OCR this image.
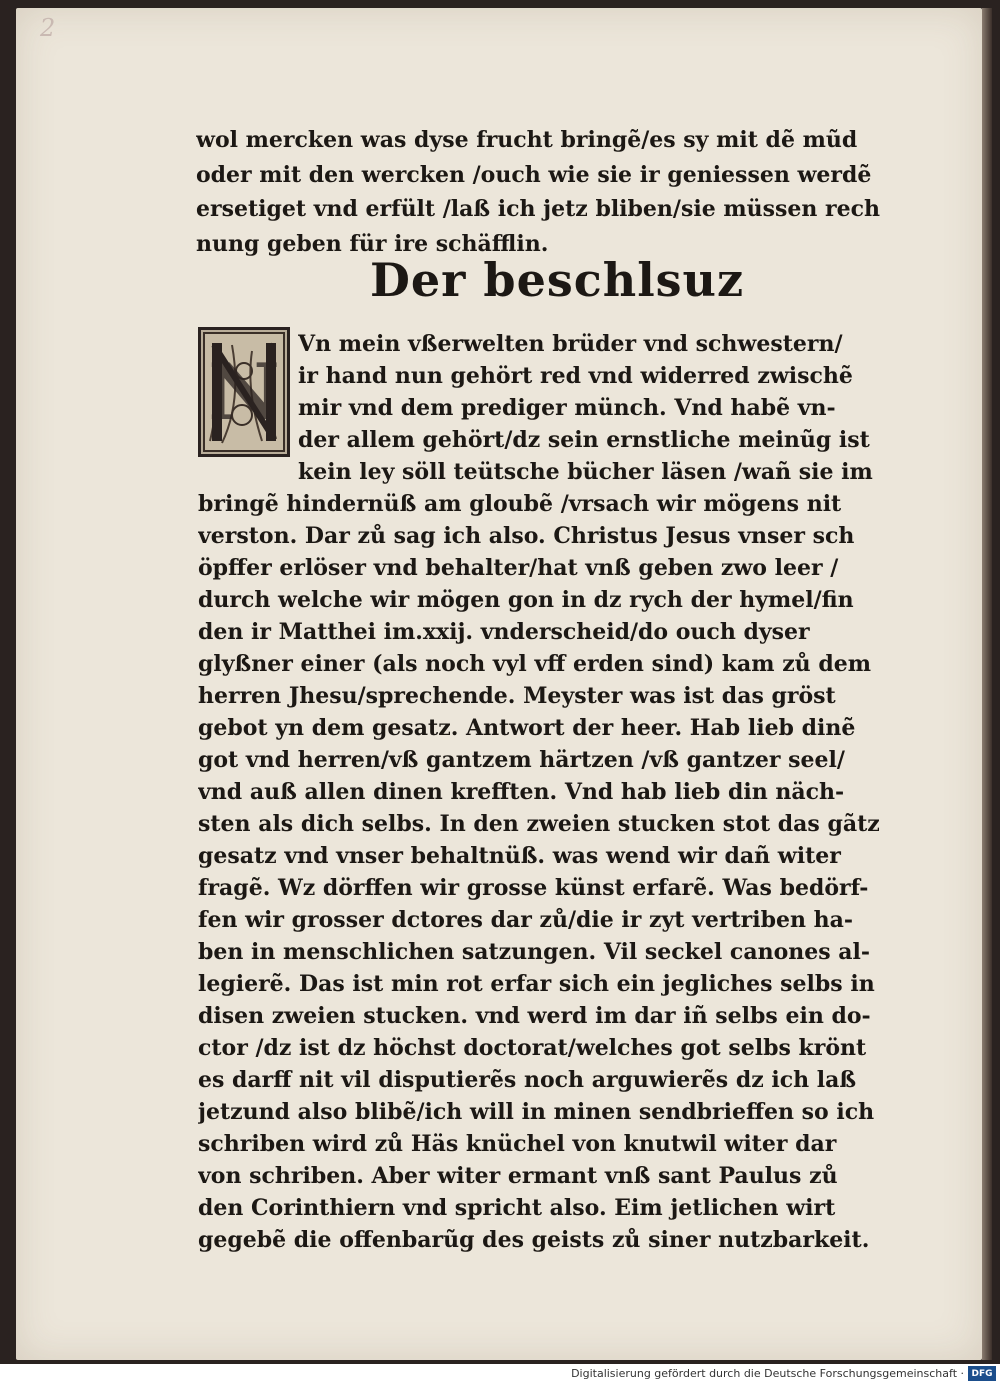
2
wol mercken was dyse frucht bringẽ/es sy mit dẽ mũd
oder mit den wercken /ouch wie sie ir geniessen werdẽ
ersetiget vnd erfült /laß ich jetz bliben/sie müssen rech
nung geben für ire schäfflin.
Der beschlsuz
N
Vn mein vßerwelten brüder vnd schwestern/
ir hand nun gehört red vnd widerred zwischẽ
mir vnd dem prediger münch. Vnd habẽ vn-
der allem gehört/dz sein ernstliche meinũg ist
kein ley söll teütsche bücher läsen /wañ sie im
bringẽ hindernüß am gloubẽ /vrsach wir mögens nit
verston. Dar zů sag ich also. Christus Jesus vnser sch
öpffer erlöser vnd behalter/hat vnß geben zwo leer /
durch welche wir mögen gon in dz rych der hymel/fin
den ir Matthei im.xxij. vnderscheid/do ouch dyser
glyßner einer (als noch vyl vff erden sind) kam zů dem
herren Jhesu/sprechende. Meyster was ist das gröst
gebot yn dem gesatz. Antwort der heer. Hab lieb dinẽ
got vnd herren/vß gantzem härtzen /vß gantzer seel/
vnd auß allen dinen krefften. Vnd hab lieb din näch-
sten als dich selbs. In den zweien stucken stot das gãtz
gesatz vnd vnser behaltnüß. was wend wir dañ witer
fragẽ. Wz dörffen wir grosse künst erfarẽ. Was bedörf-
fen wir grosser dctores dar zů/die ir zyt vertriben ha-
ben in menschlichen satzungen. Vil seckel canones al-
legierẽ. Das ist min rot erfar sich ein jegliches selbs in
disen zweien stucken. vnd werd im dar iñ selbs ein do-
ctor /dz ist dz höchst doctorat/welches got selbs krönt
es darff nit vil disputierẽs noch arguwierẽs dz ich laß
jetzund also blibẽ/ich will in minen sendbrieffen so ich
schriben wird zů Häs knüchel von knutwil witer dar
von schriben. Aber witer ermant vnß sant Paulus zů
den Corinthiern vnd spricht also. Eim jetlichen wirt
gegebẽ die offenbarũg des geists zů siner nutzbarkeit.
Digitalisierung gefördert durch die Deutsche Forschungsgemeinschaft · DFG
